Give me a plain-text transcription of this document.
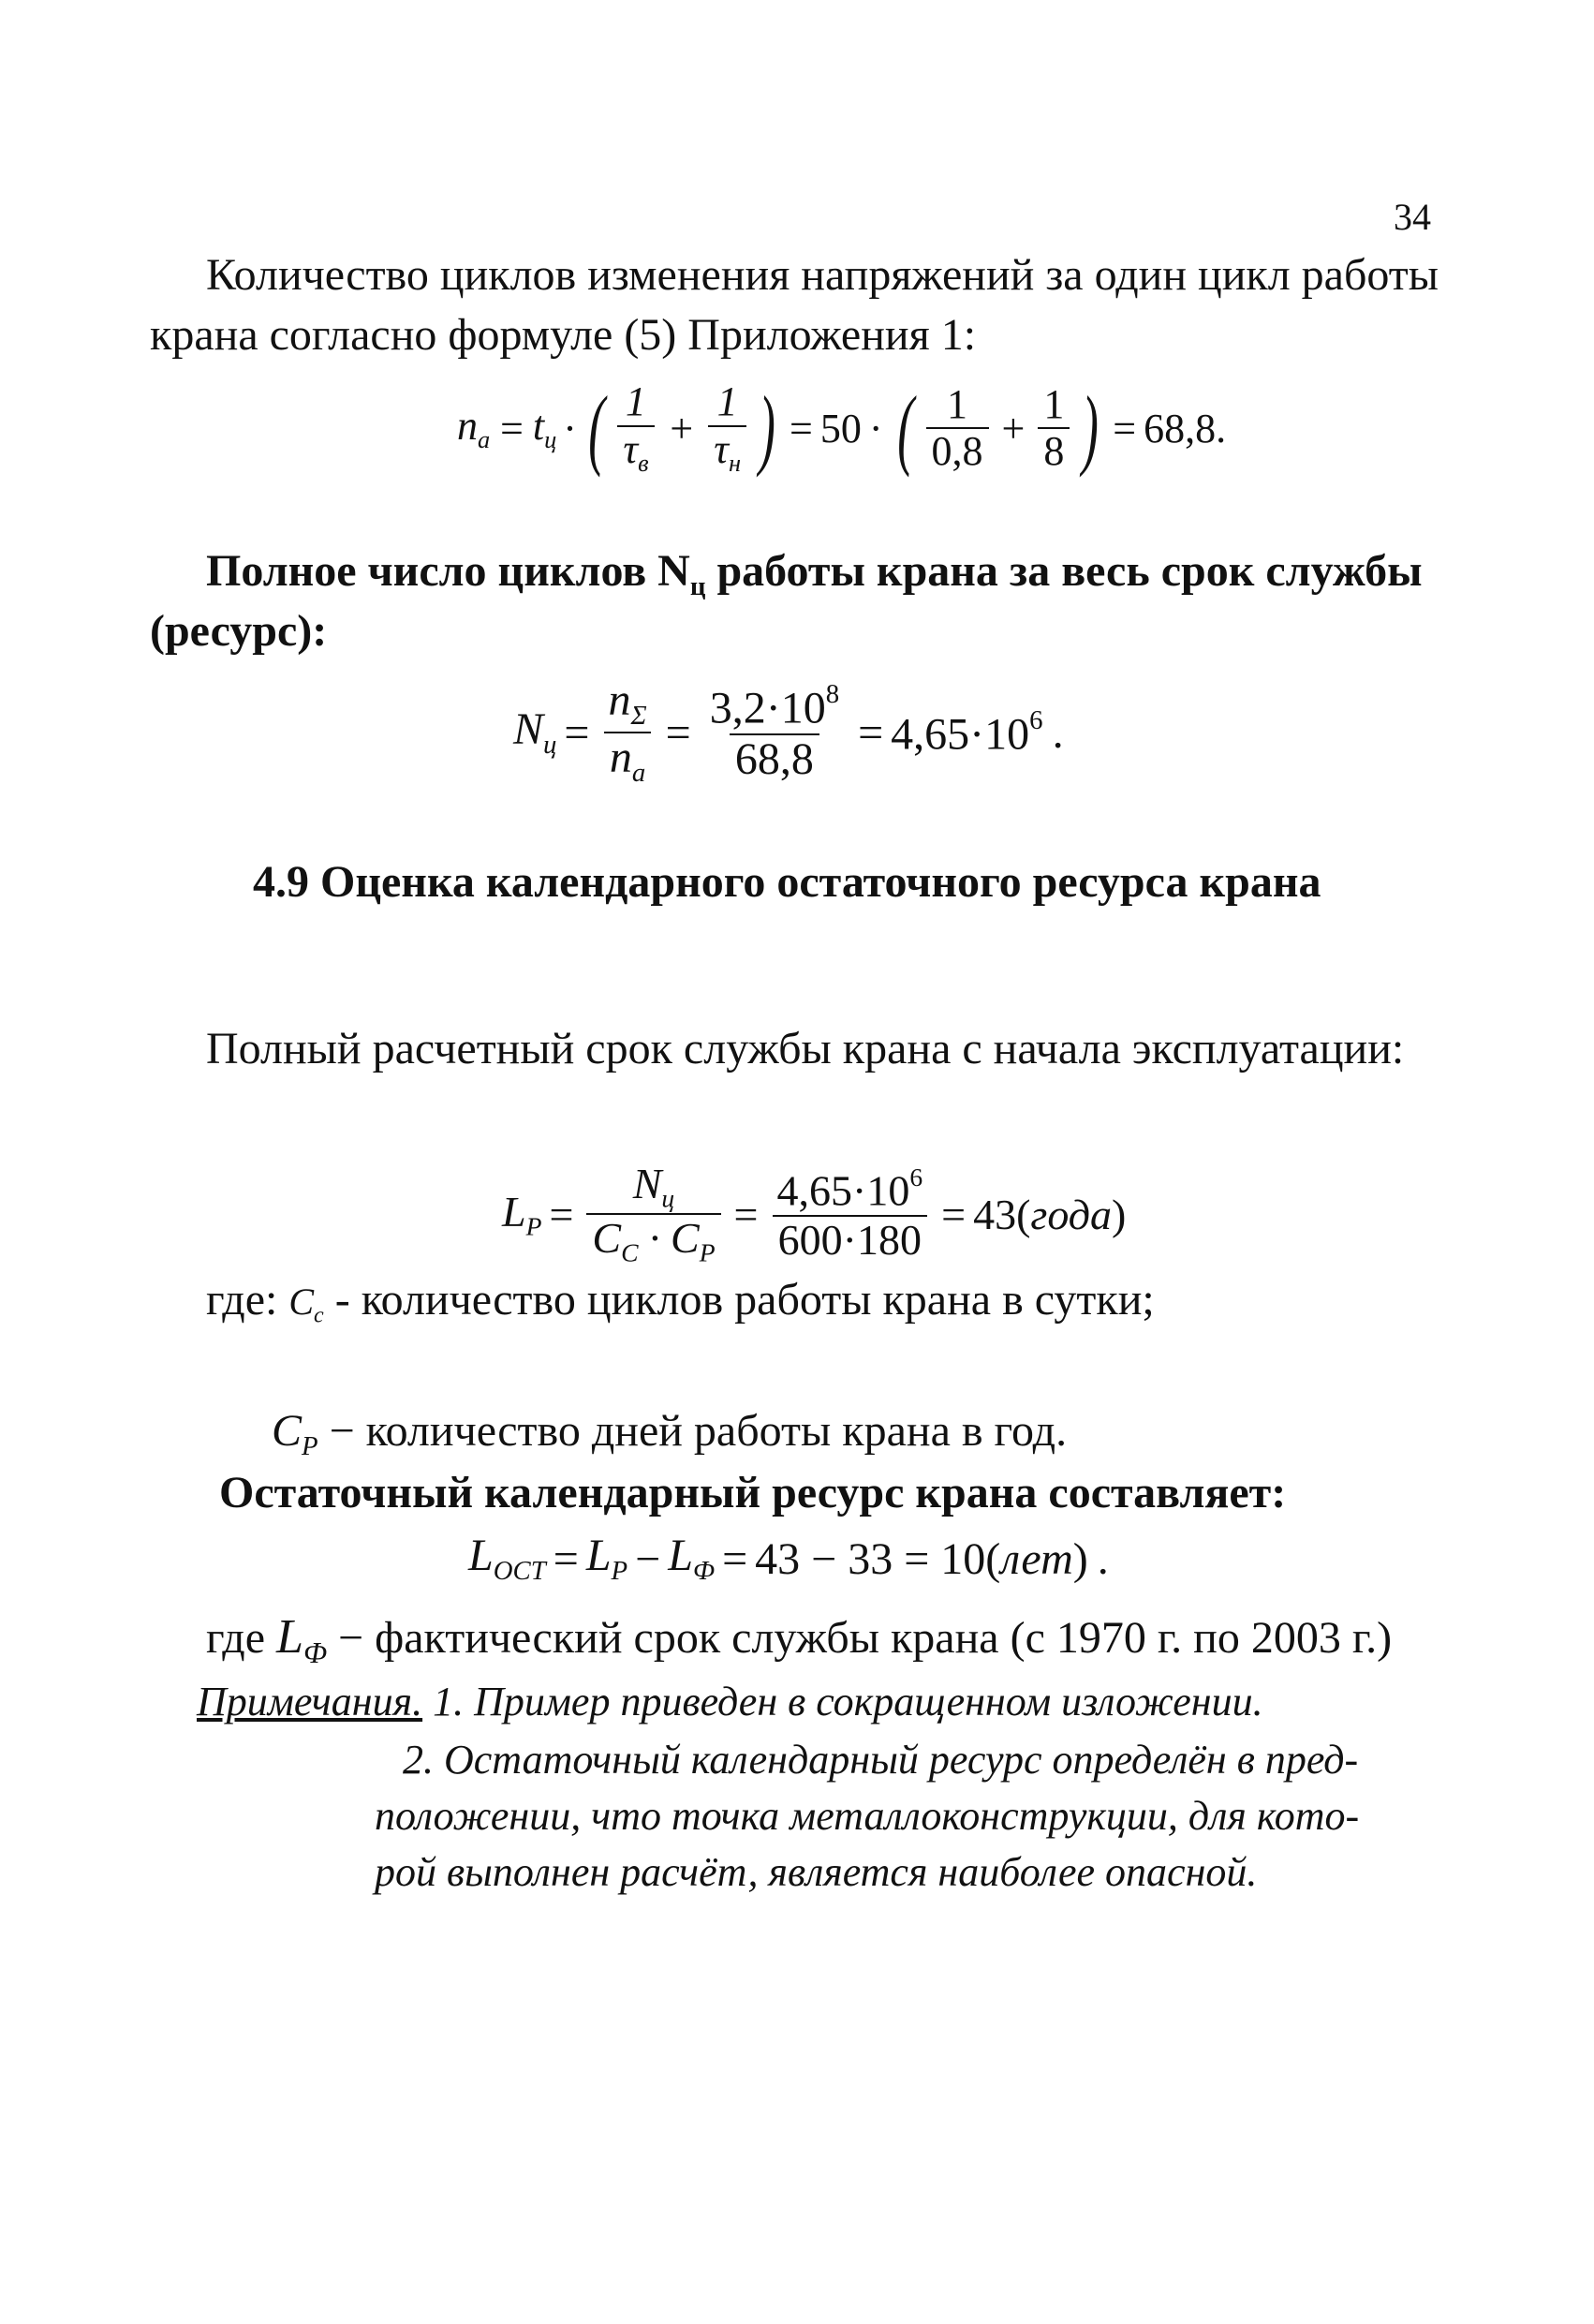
34
Количество циклов изменения напряжений за один цикл работы
крана согласно формуле (5) Приложения 1:
$n_a = t_ц$ · ( $\frac{1}{\tau_в} + \frac{1}{\tau_н}$ ) = 50 · ( $\frac{1}{0,8} + \frac{1}{8}$ ) = 68,8 .
Полное число циклов $N_ц$ работы крана за весь срок службы
(ресурс):
$N_ц = \frac{n_\Sigma}{n_a} = \frac{3,2\cdot 10^8}{68,8} = 4,65\cdot 10^6$ .
4.9 Оценка календарного остаточного ресурса крана
Полный расчетный срок службы крана с начала эксплуатации:
$L_P = \frac{N_ц}{C_C \cdot C_P} = \frac{4,65\cdot 10^6}{600\cdot 180} = 43$ ( года )
где: $C_c$ - количество циклов работы крана в сутки;
$C_P$ − количество дней работы крана в год.
Остаточный календарный ресурс крана составляет:
$L_{ОСТ} = L_P - L_Ф = 43 - 33 = 10$ ( лет ) .
где $L_Ф$ − фактический срок службы крана (с 1970 г. по 2003 г.)
Примечания. 1. Пример приведен в сокращенном изложении.
2. Остаточный календарный ресурс определён в пред-
положении, что точка металлоконструкции, для кото-
рой выполнен расчёт, является наиболее опасной.
